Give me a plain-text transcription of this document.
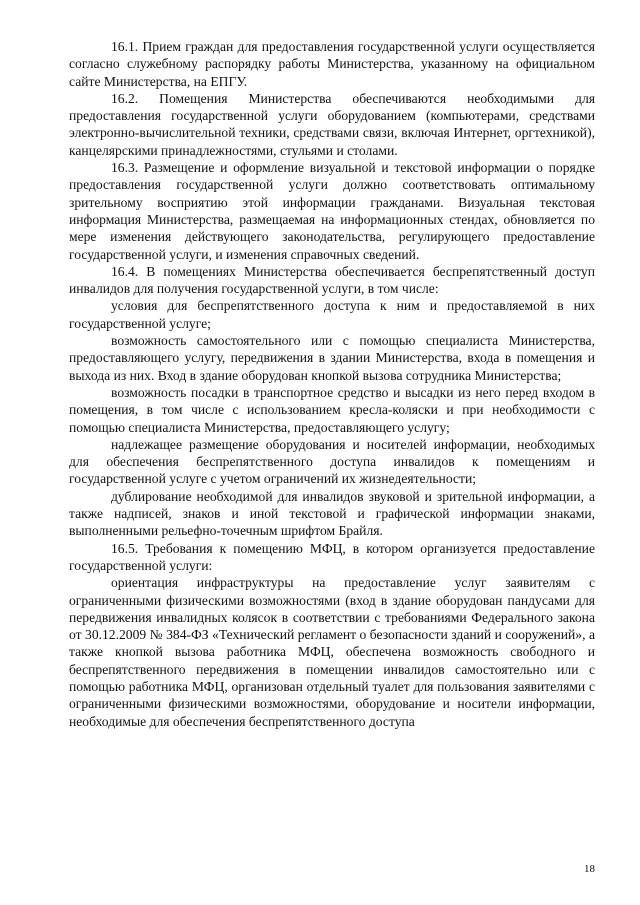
16.1. Прием граждан для предоставления государственной услуги осуществляется согласно служебному распорядку работы Министерства, указанному на официальном сайте Министерства, на ЕПГУ.

16.2. Помещения Министерства обеспечиваются необходимыми для предоставления государственной услуги оборудованием (компьютерами, средствами электронно-вычислительной техники, средствами связи, включая Интернет, оргтехникой), канцелярскими принадлежностями, стульями и столами.

16.3. Размещение и оформление визуальной и текстовой информации о порядке предоставления государственной услуги должно соответствовать оптимальному зрительному восприятию этой информации гражданами. Визуальная текстовая информация Министерства, размещаемая на информационных стендах, обновляется по мере изменения действующего законодательства, регулирующего предоставление государственной услуги, и изменения справочных сведений.

16.4. В помещениях Министерства обеспечивается беспрепятственный доступ инвалидов для получения государственной услуги, в том числе:

условия для беспрепятственного доступа к ним и предоставляемой в них государственной услуге;

возможность самостоятельного или с помощью специалиста Министерства, предоставляющего услугу, передвижения в здании Министерства, входа в помещения и выхода из них. Вход в здание оборудован кнопкой вызова сотрудника Министерства;

возможность посадки в транспортное средство и высадки из него перед входом в помещения, в том числе с использованием кресла-коляски и при необходимости с помощью специалиста Министерства, предоставляющего услугу;

надлежащее размещение оборудования и носителей информации, необходимых для обеспечения беспрепятственного доступа инвалидов к помещениям и государственной услуге с учетом ограничений их жизнедеятельности;

дублирование необходимой для инвалидов звуковой и зрительной информации, а также надписей, знаков и иной текстовой и графической информации знаками, выполненными рельефно-точечным шрифтом Брайля.

16.5. Требования к помещению МФЦ, в котором организуется предоставление государственной услуги:

ориентация инфраструктуры на предоставление услуг заявителям с ограниченными физическими возможностями (вход в здание оборудован пандусами для передвижения инвалидных колясок в соответствии с требованиями Федерального закона от 30.12.2009 № 384-ФЗ «Технический регламент о безопасности зданий и сооружений», а также кнопкой вызова работника МФЦ, обеспечена возможность свободного и беспрепятственного передвижения в помещении инвалидов самостоятельно или с помощью работника МФЦ, организован отдельный туалет для пользования заявителями с ограниченными физическими возможностями, оборудование и носители информации, необходимые для обеспечения беспрепятственного доступа

18
